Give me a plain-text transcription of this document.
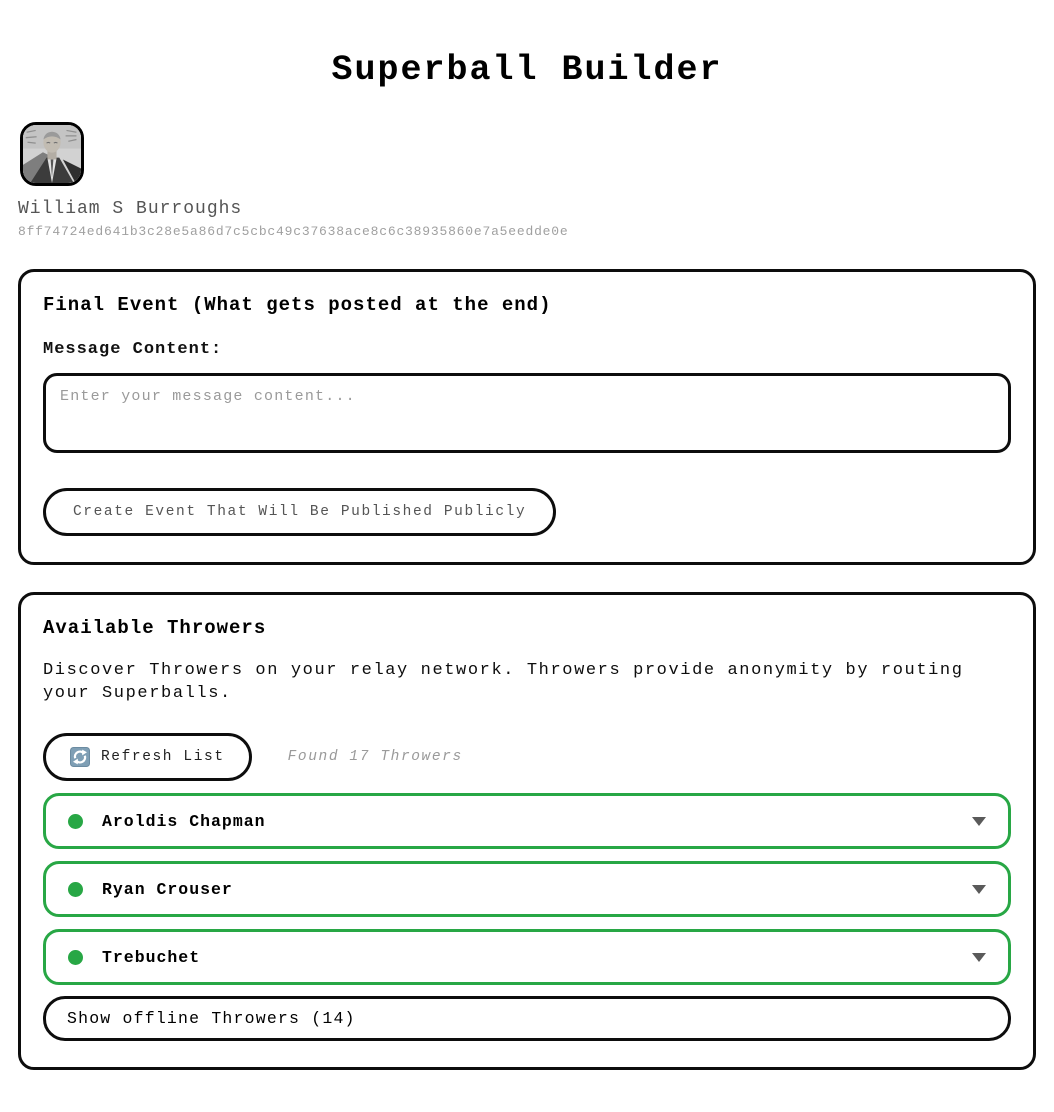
Superball Builder
William S Burroughs
8ff74724ed641b3c28e5a86d7c5cbc49c37638ace8c6c38935860e7a5eedde0e
Final Event (What gets posted at the end)
Message Content:
Enter your message content... Create Event That Will Be Published Publicly
Available Throwers

Discover Throwers on your relay network. Throwers provide anonymity by routing your Superballs.

Refresh List	Found 17 Throwers
Aroldis Chapman
Ryan Crouser
Trebuchet
Show offline Throwers (14)
